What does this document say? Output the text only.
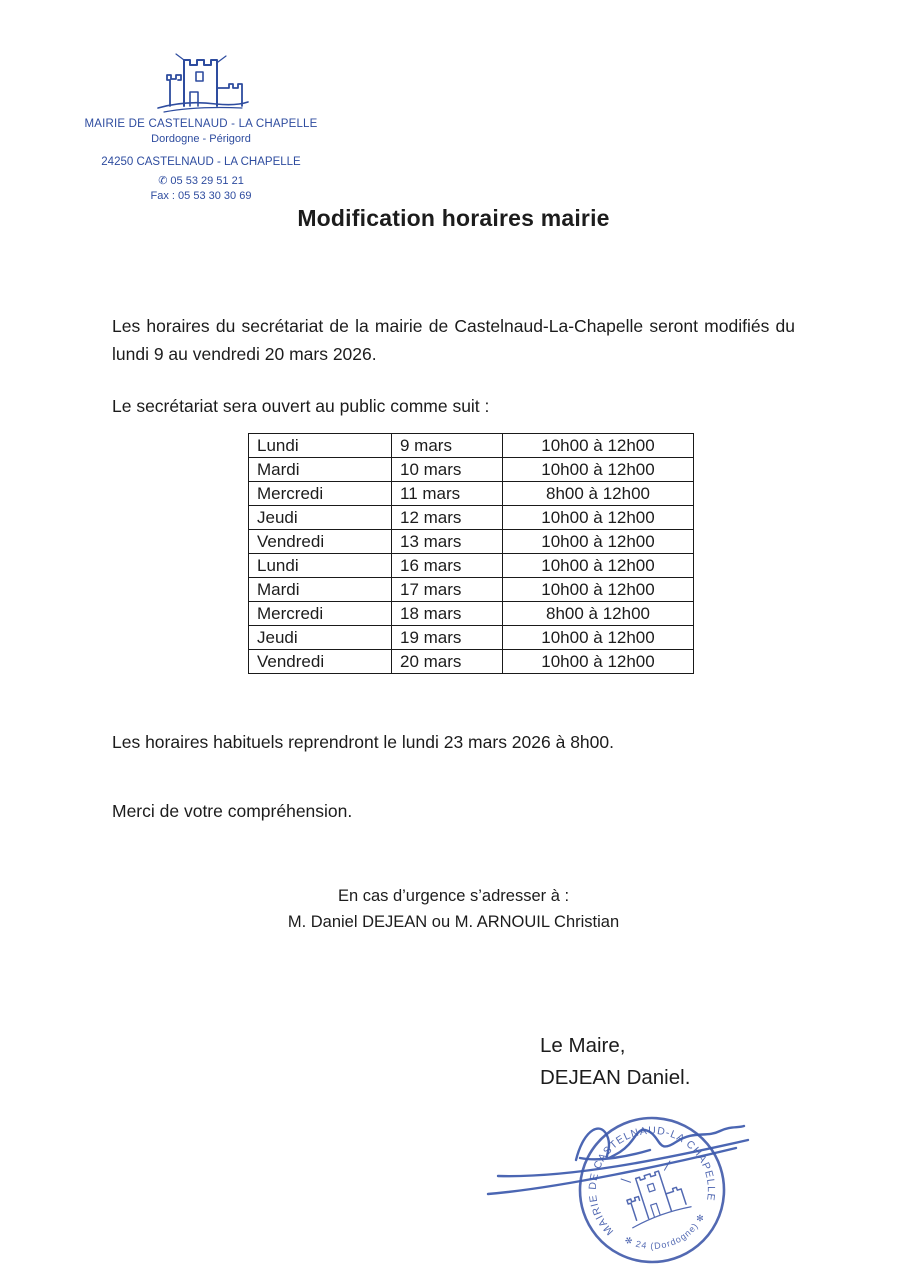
MAIRIE DE CASTELNAUD - LA CHAPELLE
Dordogne - Périgord
24250 CASTELNAUD - LA CHAPELLE
✆ 05 53 29 51 21
Fax : 05 53 30 30 69
Modification horaires mairie

Les horaires du secrétariat de la mairie de Castelnaud-La-Chapelle seront modifiés du lundi 9 au vendredi 20 mars 2026.

Le secrétariat sera ouvert au public comme suit :

Lundi	9 mars	10h00 à 12h00
Mardi	10 mars	10h00 à 12h00
Mercredi	11 mars	8h00 à 12h00
Jeudi	12 mars	10h00 à 12h00
Vendredi	13 mars	10h00 à 12h00
Lundi	16 mars	10h00 à 12h00
Mardi	17 mars	10h00 à 12h00
Mercredi	18 mars	8h00 à 12h00
Jeudi	19 mars	10h00 à 12h00
Vendredi	20 mars	10h00 à 12h00

Les horaires habituels reprendront le lundi 23 mars 2026 à 8h00.

Merci de votre compréhension.

En cas d’urgence s’adresser à :
M. Daniel DEJEAN ou M. ARNOUIL Christian
Le Maire,
DEJEAN Daniel.
MAIRIE DE CASTELNAUD-LA CHAPELLE
✻ 24 (Dordogne) ✻
